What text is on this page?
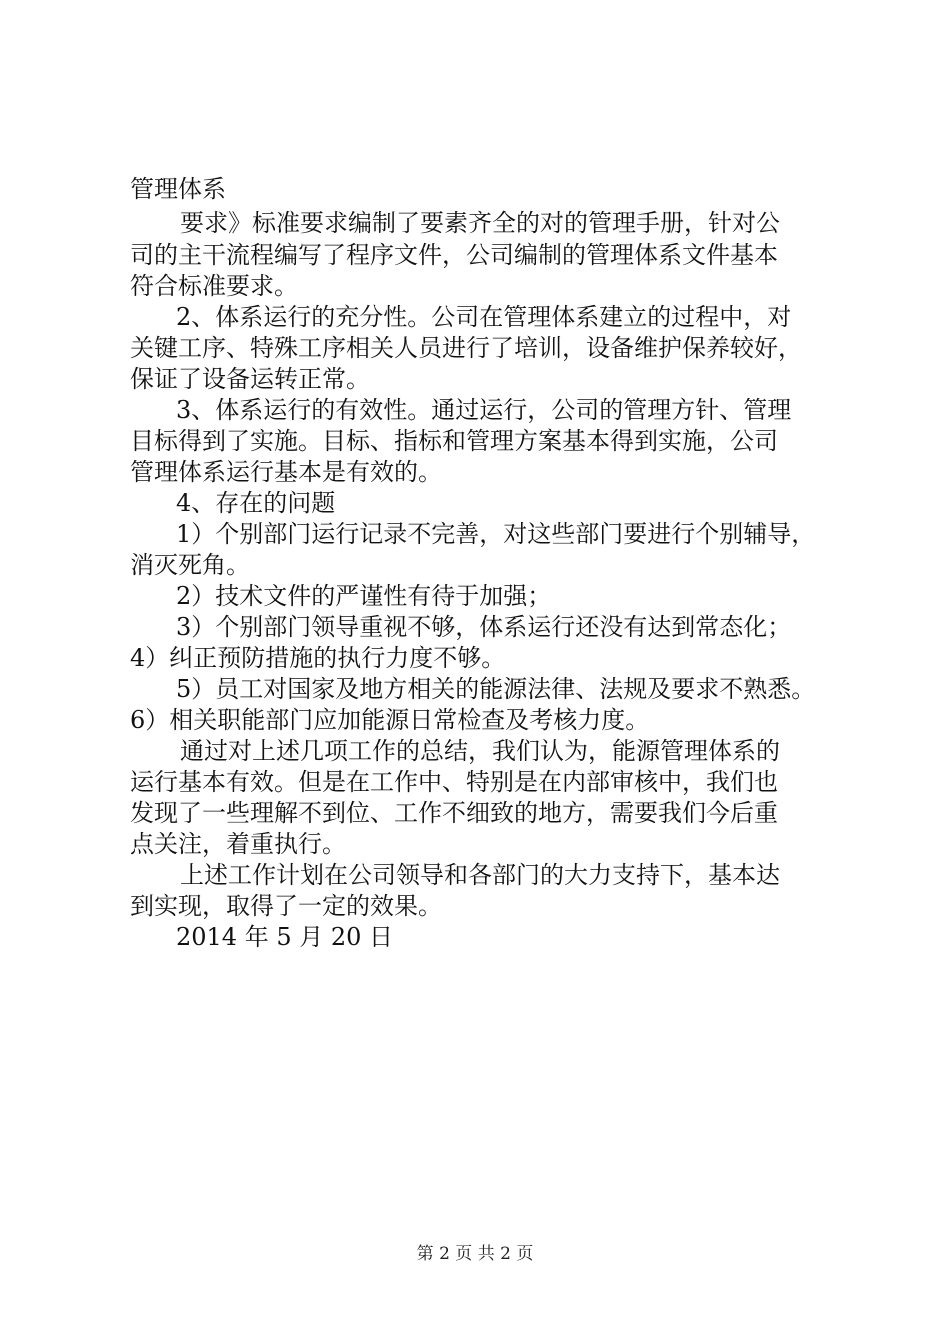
管理体系
要求》标准要求编制了要素齐全的对的管理手册，针对公
司的主干流程编写了程序文件，公司编制的管理体系文件基本
符合标准要求。
2、体系运行的充分性。公司在管理体系建立的过程中，对
关键工序、特殊工序相关人员进行了培训，设备维护保养较好，
保证了设备运转正常。
3、体系运行的有效性。通过运行，公司的管理方针、管理
目标得到了实施。目标、指标和管理方案基本得到实施，公司
管理体系运行基本是有效的。
4、存在的问题
1）个别部门运行记录不完善，对这些部门要进行个别辅导，
消灭死角。
2）技术文件的严谨性有待于加强；
3）个别部门领导重视不够，体系运行还没有达到常态化；
4）纠正预防措施的执行力度不够。
5）员工对国家及地方相关的能源法律、法规及要求不熟悉。
6）相关职能部门应加能源日常检查及考核力度。
通过对上述几项工作的总结，我们认为，能源管理体系的
运行基本有效。但是在工作中、特别是在内部审核中，我们也
发现了一些理解不到位、工作不细致的地方，需要我们今后重
点关注，着重执行。
上述工作计划在公司领导和各部门的大力支持下，基本达
到实现，取得了一定的效果。
2014 年 5 月 20 日
第 2 页 共 2 页
